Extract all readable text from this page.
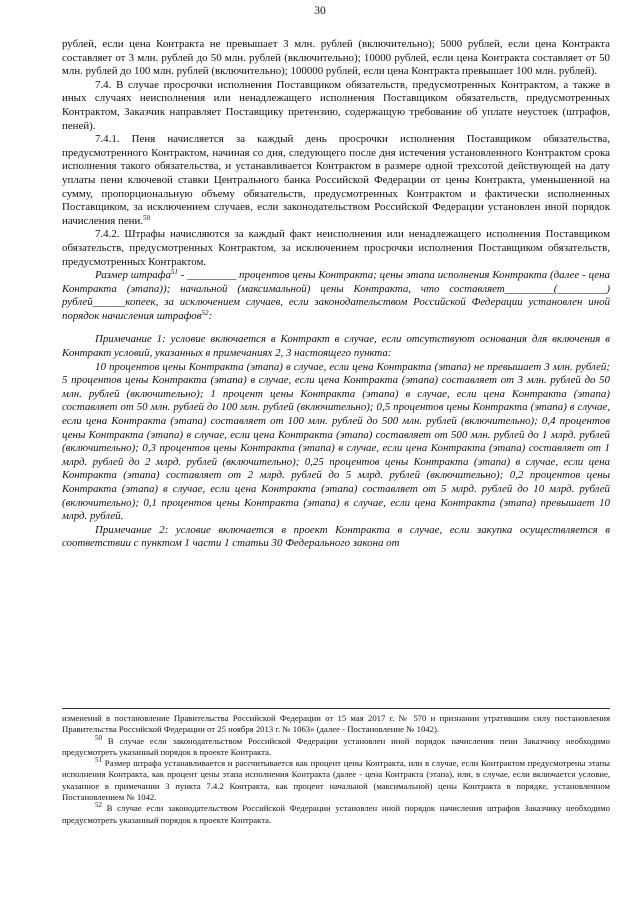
30

рублей, если цена Контракта не превышает 3 млн. рублей (включительно); 5000 рублей, если цена Контракта составляет от 3 млн. рублей до 50 млн. рублей (включительно); 10000 рублей, если цена Контракта составляет от 50 млн. рублей до 100 млн. рублей (включительно); 100000 рублей, если цена Контракта превышает 100 млн. рублей).

7.4. В случае просрочки исполнения Поставщиком обязательств, предусмотренных Контрактом, а также в иных случаях неисполнения или ненадлежащего исполнения Поставщиком обязательств, предусмотренных Контрактом, Заказчик направляет Поставщику претензию, содержащую требование об уплате неустоек (штрафов, пеней).

7.4.1. Пеня начисляется за каждый день просрочки исполнения Поставщиком обязательства, предусмотренного Контрактом, начиная со дня, следующего после дня истечения установленного Контрактом срока исполнения такого обязательства, и устанавливается Контрактом в размере одной трехсотой действующей на дату уплаты пени ключевой ставки Центрального банка Российской Федерации от цены Контракта, уменьшенной на сумму, пропорциональную объему обязательств, предусмотренных Контрактом и фактически исполненных Поставщиком, за исключением случаев, если законодательством Российской Федерации установлен иной порядок начисления пени.$^{50}$

7.4.2. Штрафы начисляются за каждый факт неисполнения или ненадлежащего исполнения Поставщиком обязательств, предусмотренных Контрактом, за исключением просрочки исполнения Поставщиком обязательств, предусмотренных Контрактом.

Размер штрафа$^{51}$ - _________ процентов цены Контракта; цены этапа исполнения Контракта (далее - цена Контракта (этапа)); начальной (максимальной) цены Контракта, что составляет_________(_________) рублей______копеек, за исключением случаев, если законодательством Российской Федерации установлен иной порядок начисления штрафов$^{52}$:

Примечание 1: условие включается в Контракт в случае, если отсутствуют основания для включения в Контракт условий, указанных в примечаниях 2, 3 настоящего пункта:

10 процентов цены Контракта (этапа) в случае, если цена Контракта (этапа) не превышает 3 млн. рублей; 5 процентов цены Контракта (этапа) в случае, если цена Контракта (этапа) составляет от 3 млн. рублей до 50 млн. рублей (включительно); 1 процент цены Контракта (этапа) в случае, если цена Контракта (этапа) составляет от 50 млн. рублей до 100 млн. рублей (включительно); 0,5 процентов цены Контракта (этапа) в случае, если цена Контракта (этапа) составляет от 100 млн. рублей до 500 млн. рублей (включительно); 0,4 процентов цены Контракта (этапа) в случае, если цена Контракта (этапа) составляет от 500 млн. рублей до 1 млрд. рублей (включительно); 0,3 процентов цены Контракта (этапа) в случае, если цена Контракта (этапа) составляет от 1 млрд. рублей до 2 млрд. рублей (включительно); 0,25 процентов цены Контракта (этапа) в случае, если цена Контракта (этапа) составляет от 2 млрд. рублей до 5 млрд. рублей (включительно); 0,2 процентов цены Контракта (этапа) в случае, если цена Контракта (этапа) составляет от 5 млрд. рублей до 10 млрд. рублей (включительно); 0,1 процентов цены Контракта (этапа) в случае, если цена Контракта (этапа) превышает 10 млрд. рублей.

Примечание 2: условие включается в проект Контракта в случае, если закупка осуществляется в соответствии с пунктом 1 части 1 статьи 30 Федерального закона от

изменений в постановление Правительства Российской Федерации от 15 мая 2017 г. № 570 и признании утратившим силу постановления Правительства Российской Федерации от 25 ноября 2013 г. № 1063» (далее - Постановление № 1042).

$^{50}$ В случае если законодательством Российской Федерации установлен иной порядок начисления пени Заказчику необходимо предусмотреть указанный порядок в проекте Контракта.

$^{51}$ Размер штрафа устанавливается и рассчитывается как процент цены Контракта, или в случае, если Контрактом предусмотрены этапы исполнения Контракта, как процент цены этапа исполнения Контракта (далее - цена Контракта (этапа), или, в случае, если включается условие, указанное в примечании 3 пункта 7.4.2 Контракта, как процент начальной (максимальной) цены Контракта в порядке, установленном Постановлением № 1042.

$^{52}$ В случае если законодательством Российской Федерации установлен иной порядок начисления штрафов Заказчику необходимо предусмотреть указанный порядок в проекте Контракта.
